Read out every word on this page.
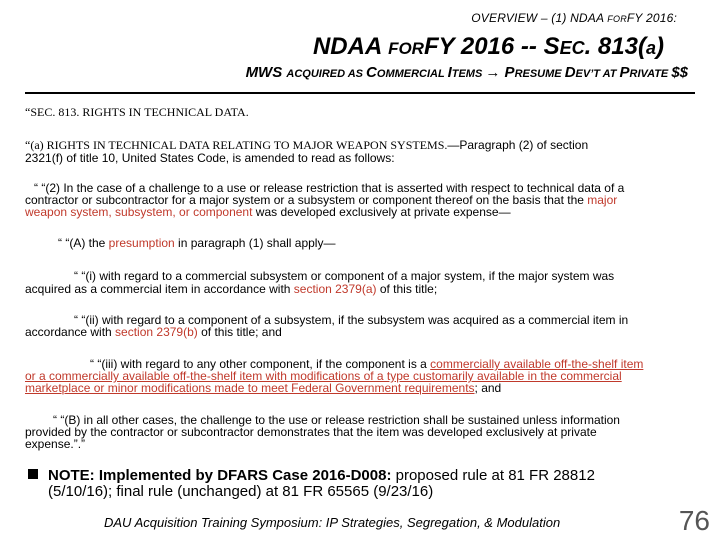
OVERVIEW – (1) NDAA FORFY 2016:
NDAA FORFY 2016 -- SEC. 813(a)
MWS ACQUIRED AS COMMERCIAL ITEMS → PRESUME DEV’T AT PRIVATE $$
“SEC. 813. RIGHTS IN TECHNICAL DATA.
“(a) RIGHTS IN TECHNICAL DATA RELATING TO MAJOR WEAPON SYSTEMS.—Paragraph (2) of section
2321(f) of title 10, United States Code, is amended to read as follows:
“ “(2) In the case of a challenge to a use or release restriction that is asserted with respect to technical data of a
contractor or subcontractor for a major system or a subsystem or component thereof on the basis that the major
weapon system, subsystem, or component was developed exclusively at private expense—
“ “(A) the presumption in paragraph (1) shall apply—
“ “(i) with regard to a commercial subsystem or component of a major system, if the major system was
acquired as a commercial item in accordance with section 2379(a) of this title;
“ “(ii) with regard to a component of a subsystem, if the subsystem was acquired as a commercial item in
accordance with section 2379(b) of this title; and
“ “(iii) with regard to any other component, if the component is a commercially available off-the-shelf item
or a commercially available off-the-shelf item with modifications of a type customarily available in the commercial
marketplace or minor modifications made to meet Federal Government requirements; and
“ “(B) in all other cases, the challenge to the use or release restriction shall be sustained unless information
provided by the contractor or subcontractor demonstrates that the item was developed exclusively at private
expense.”.”
NOTE: Implemented by DFARS Case 2016-D008: proposed rule at 81 FR 28812
(5/10/16); final rule (unchanged) at 81 FR 65565 (9/23/16)
DAU Acquisition Training Symposium: IP Strategies, Segregation, & Modulation	76
